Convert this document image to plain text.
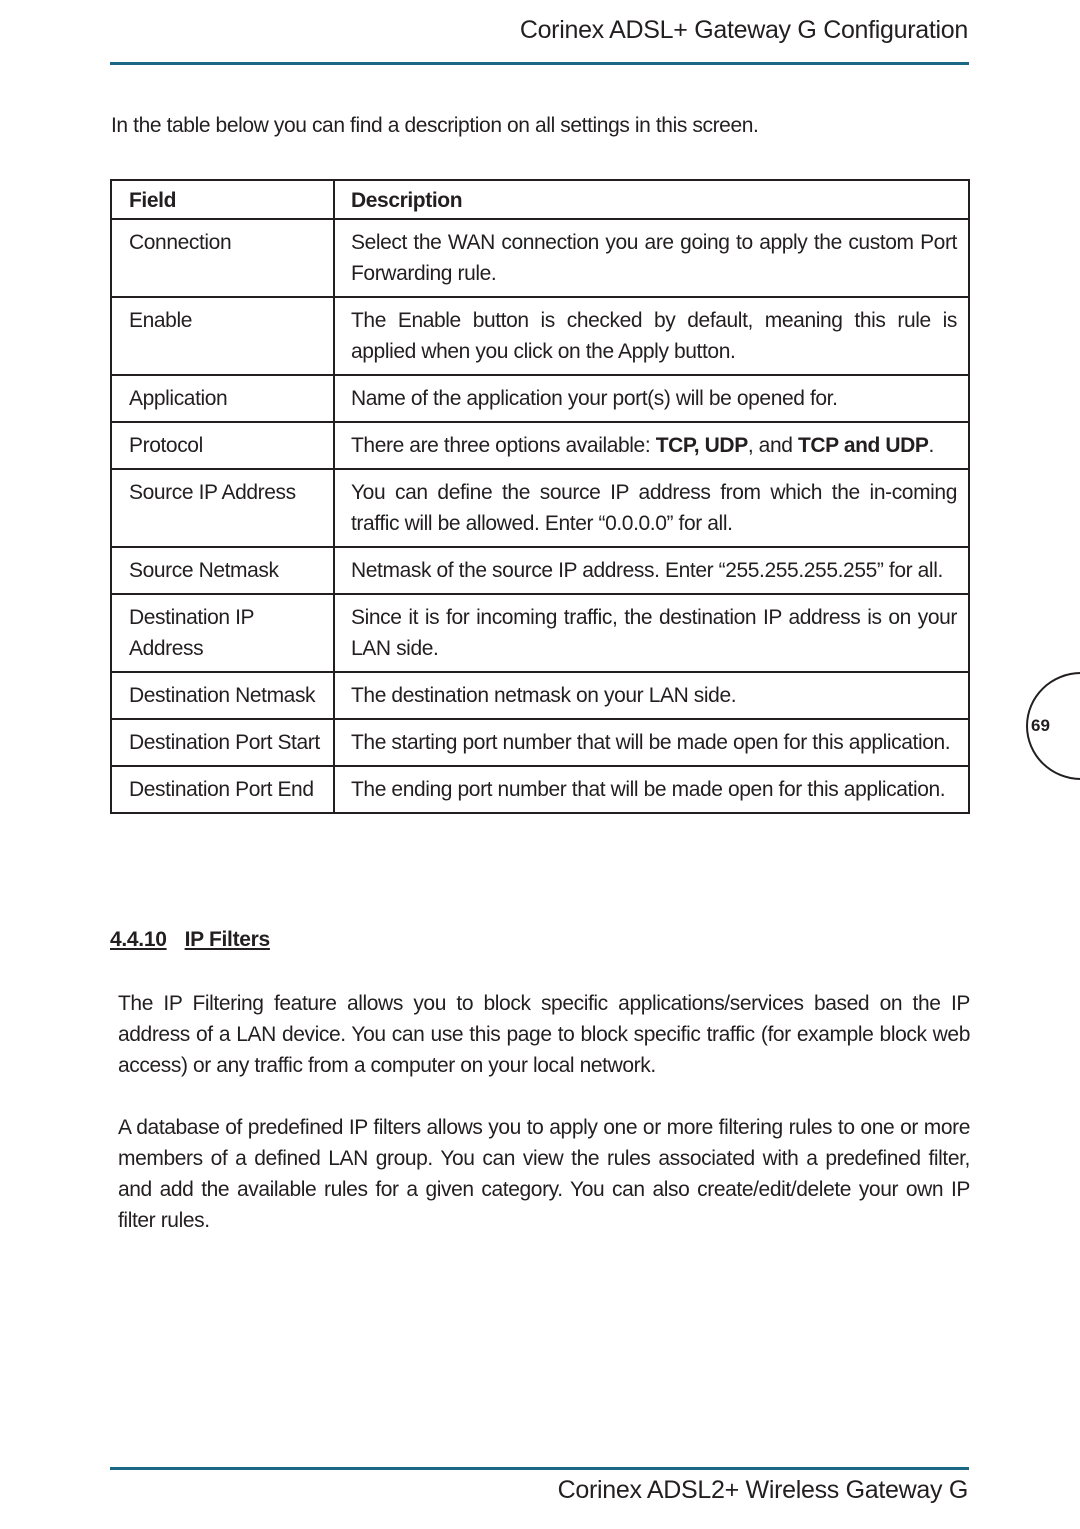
Corinex ADSL+ Gateway G Configuration
In the table below you can find a description on all settings in this screen.
Field	Description
Connection	Select the WAN connection you are going to apply the custom Port Forwarding rule.
Enable	The Enable button is checked by default, meaning this rule is applied when you click on the Apply button.
Application	Name of the application your port(s) will be opened for.
Protocol	There are three options available: TCP, UDP, and TCP and UDP.
Source IP Address	You can define the source IP address from which the in-coming traffic will be allowed. Enter “0.0.0.0” for all.
Source Netmask	Netmask of the source IP address. Enter “255.255.255.255” for all.
Destination IP Address	Since it is for incoming traffic, the destination IP address is on your LAN side.
Destination Netmask	The destination netmask on your LAN side.
Destination Port Start	The starting port number that will be made open for this application.
Destination Port End	The ending port number that will be made open for this application.
4.4.10 IP Filters
The IP Filtering feature allows you to block specific applications/services based on the IP address of a LAN device. You can use this page to block specific traffic (for example block web access) or any traffic from a computer on your local network.
A database of predefined IP filters allows you to apply one or more filtering rules to one or more members of a defined LAN group. You can view the rules associated with a predefined filter, and add the available rules for a given category. You can also create/edit/delete your own IP filter rules.
69
Corinex ADSL2+ Wireless Gateway G
